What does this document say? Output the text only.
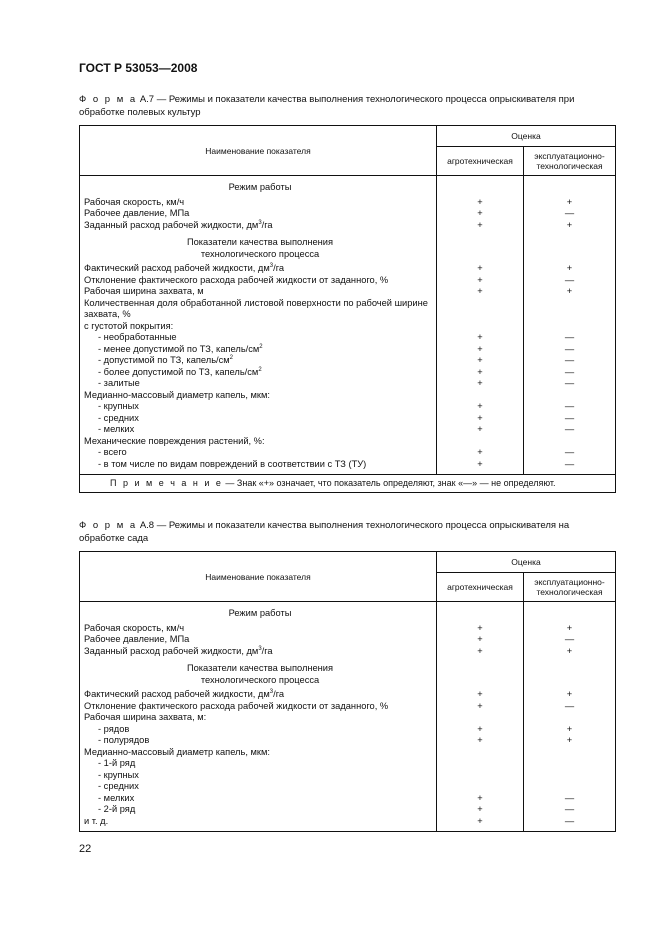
ГОСТ Р 53053—2008
Ф о р м а А.7 — Режимы и показатели качества выполнения технологического процесса опрыскивателя при обработке полевых культур
Наименование показателя	Оценка	
	агротехническая	эксплуатационно-
технологическая

Режим работы		

Рабочая скорость, км/ч	+	+
Рабочее давление, МПа	+	—
Заданный расход рабочей жидкости, $дм^3/га$	+	+

Показатели качества выполнения
технологического процесса		

Фактический расход рабочей жидкости, $дм^3/га$	+	+
Отклонение фактического расхода рабочей жидкости от заданного, %	+	—
Рабочая ширина захвата, м	+	+
Количественная доля обработанной листовой поверхности по рабочей ширине захвата, %		
с густотой покрытия:		
- необработанные	+	—
- менее допустимой по ТЗ, капель/$см^2$	+	—
- допустимой по ТЗ, капель/$см^2$	+	—
- более допустимой по ТЗ, капель/$см^2$	+	—
- залитые	+	—
Медианно-массовый диаметр капель, мкм:		
- крупных	+	—
- средних	+	—
- мелких	+	—
Механические повреждения растений, %:		
- всего	+	—
- в том числе по видам повреждений в соответствии с ТЗ (ТУ)	+	—

П р и м е ч а н и е — Знак «+» означает, что показатель определяют, знак «—» — не определяют.		
Ф о р м а А.8 — Режимы и показатели качества выполнения технологического процесса опрыскивателя на обработке сада
Наименование показателя	Оценка	
	агротехническая	эксплуатационно-
технологическая

Режим работы		

Рабочая скорость, км/ч	+	+
Рабочее давление, МПа	+	—
Заданный расход рабочей жидкости, $дм^3/га$	+	+

Показатели качества выполнения
технологического процесса		

Фактический расход рабочей жидкости, $дм^3/га$	+	+
Отклонение фактического расхода рабочей жидкости от заданного, %	+	—
Рабочая ширина захвата, м:		
- рядов	+	+
- полурядов	+	+
Медианно-массовый диаметр капель, мкм:		
- 1-й ряд		
- крупных		
- средних		
- мелких	+	—
- 2-й ряд	+	—
и т. д.	+	—

22
